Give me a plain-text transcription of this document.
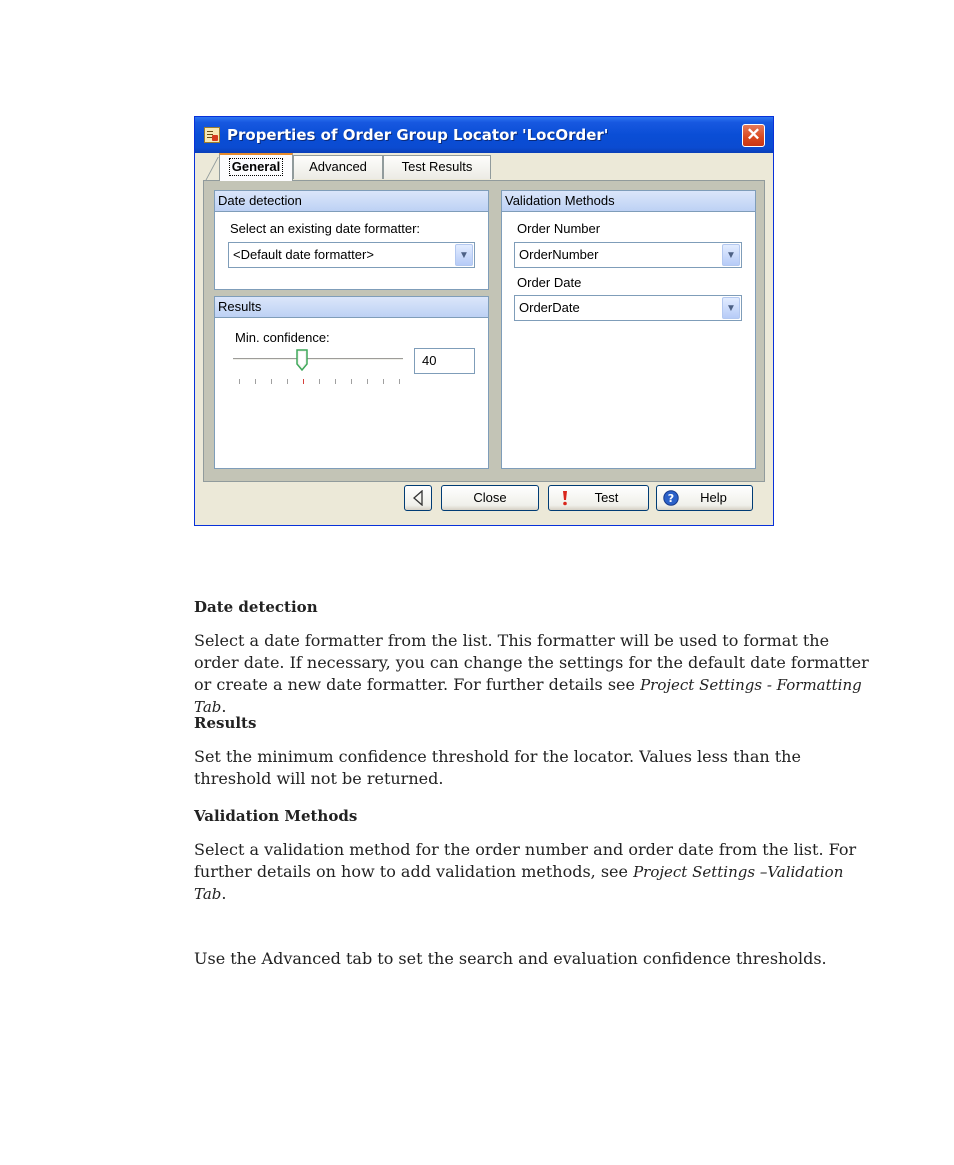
Properties of Order Group Locator 'LocOrder'	✕
General	Advanced	Test Results
Date detection
Select an existing date formatter:
<Default date formatter>	▼
Results
Min. confidence:
40
Validation Methods
Order Number
OrderNumber	▼
Order Date
OrderDate	▼
Close	Test	? Help
Date detection
Select a date formatter from the list. This formatter will be used to format the order date. If necessary, you can change the settings for the default date formatter or create a new date formatter. For further details see Project Settings - Formatting Tab.
Results
Set the minimum confidence threshold for the locator. Values less than the threshold will not be returned.
Validation Methods
Select a validation method for the order number and order date from the list. For further details on how to add validation methods, see Project Settings –Validation Tab.
Use the Advanced tab to set the search and evaluation confidence thresholds.
